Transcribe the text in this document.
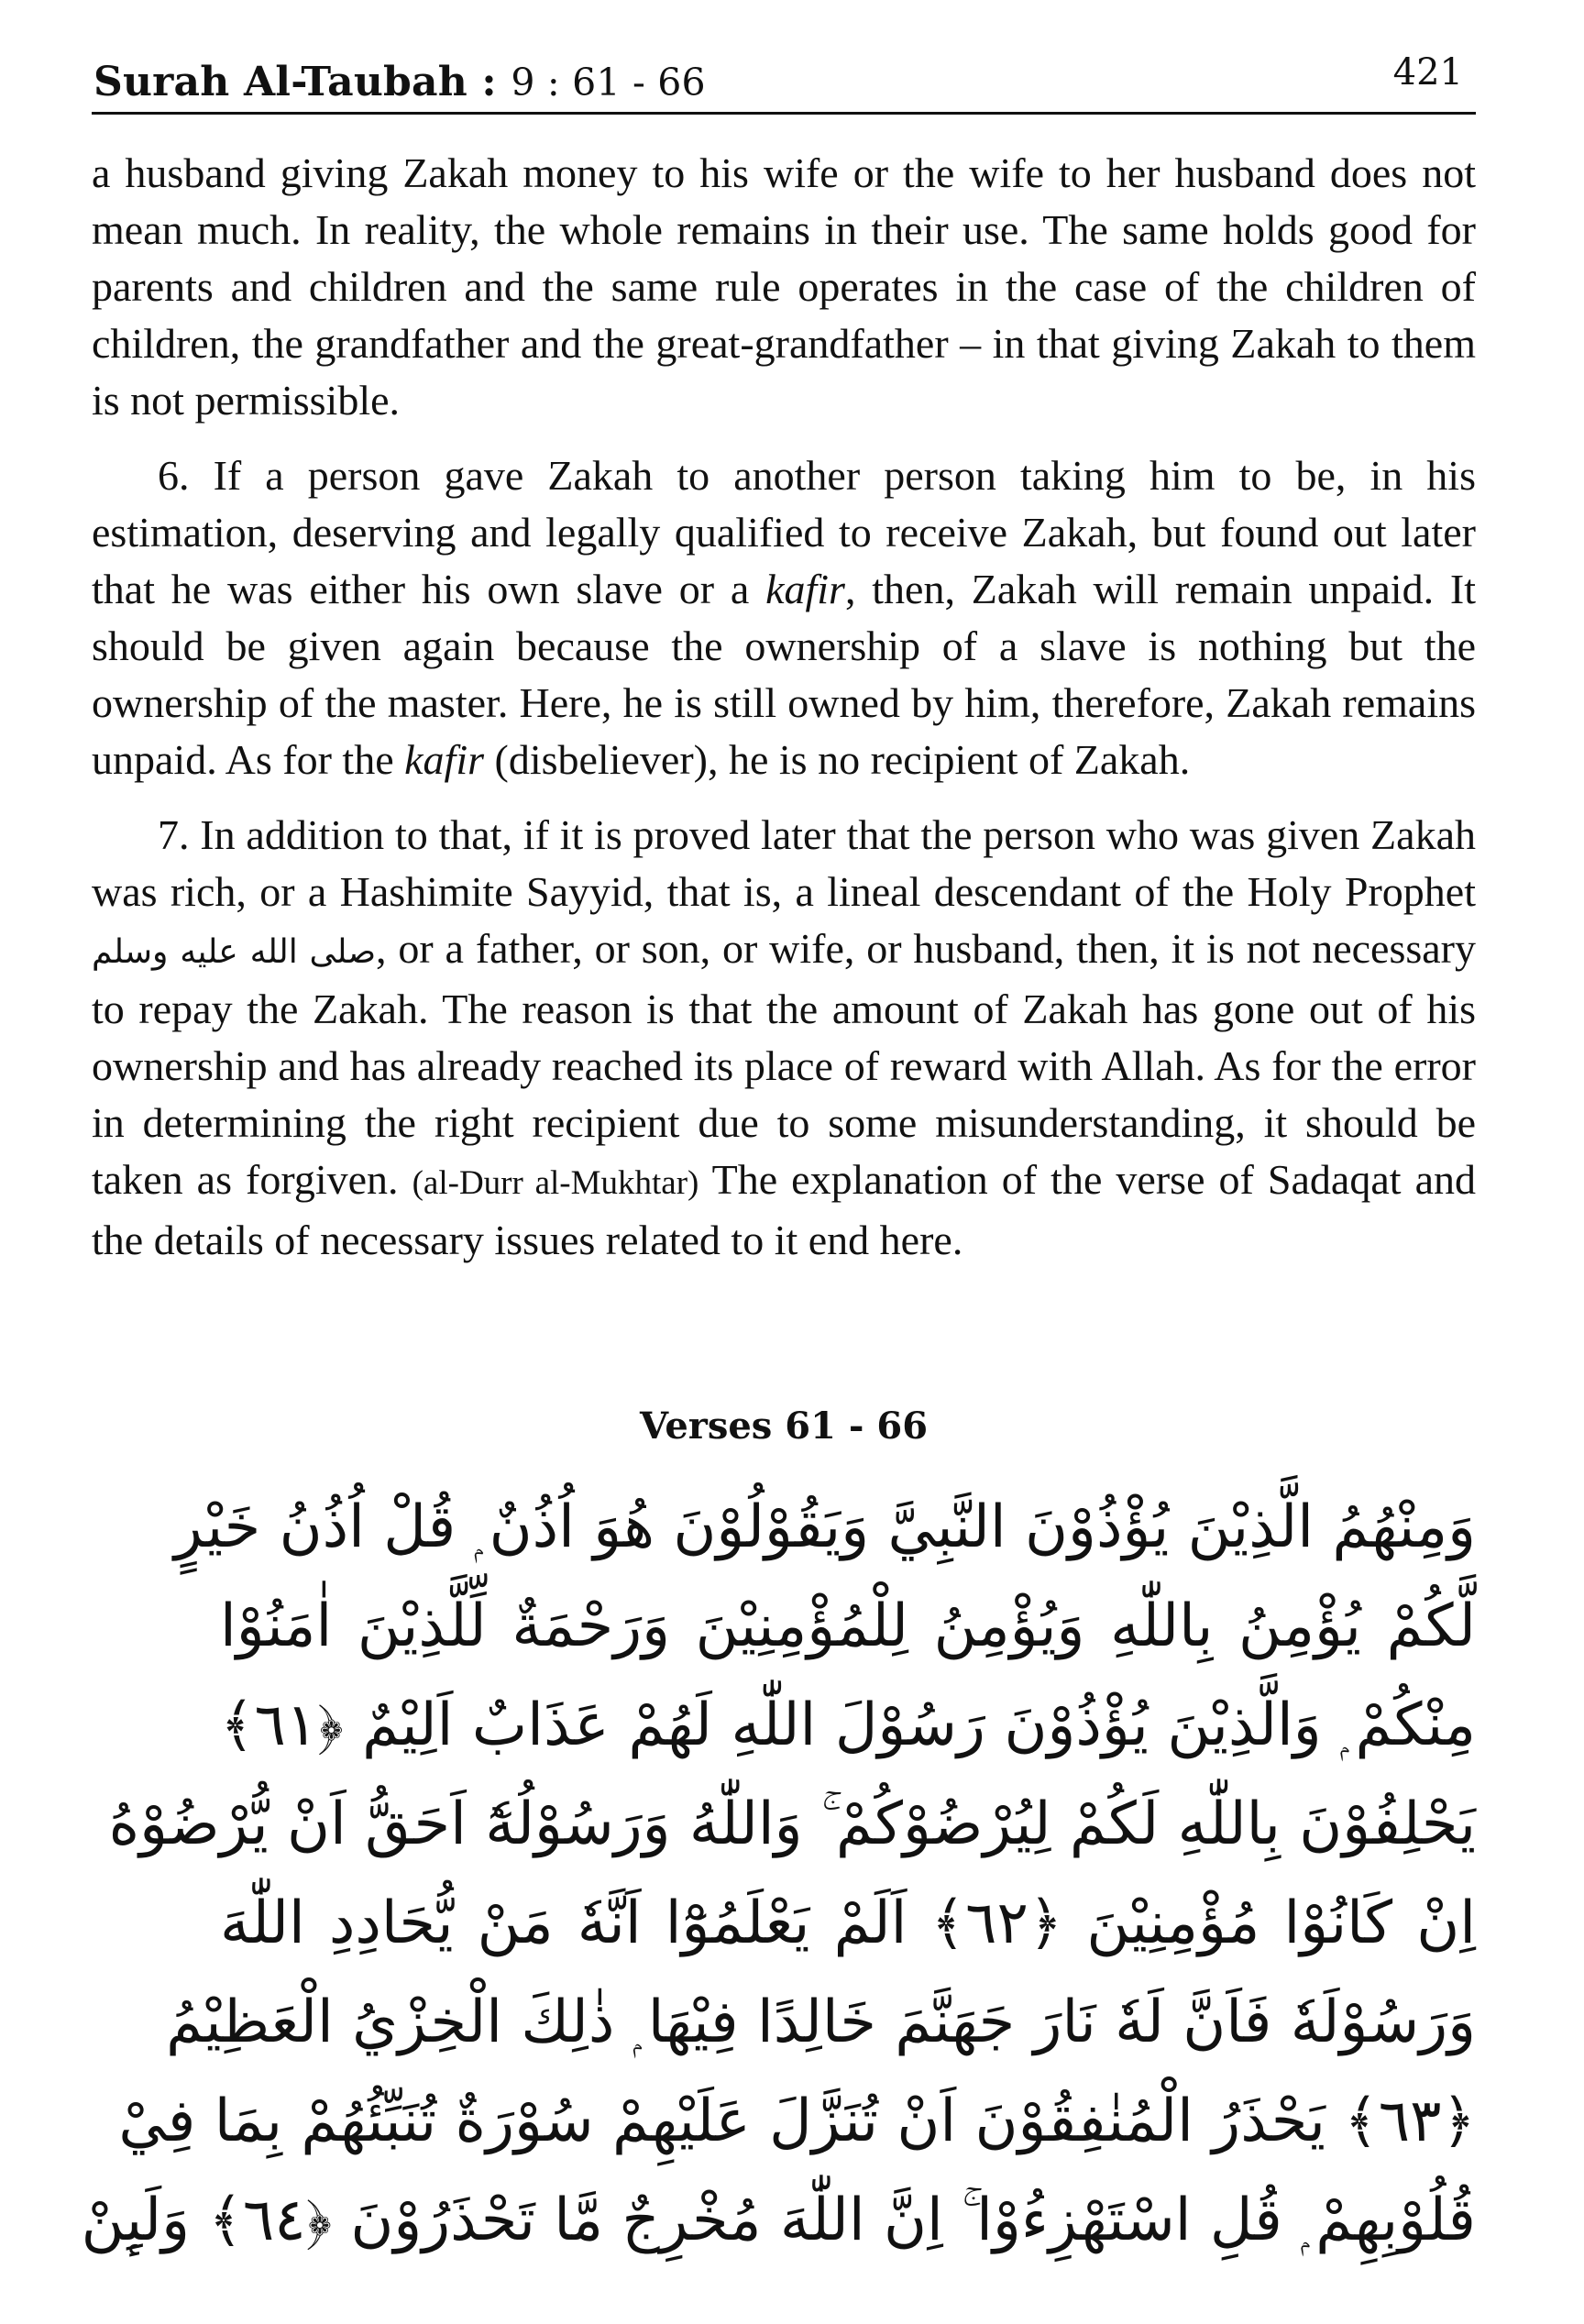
Surah Al-Taubah : 9 : 61 - 66	421

a husband giving Zakah money to his wife or the wife to her husband does not mean much. In reality, the whole remains in their use. The same holds good for parents and children and the same rule operates in the case of the children of children, the grandfather and the great-grandfather – in that giving Zakah to them is not permissible.

6. If a person gave Zakah to another person taking him to be, in his estimation, deserving and legally qualified to receive Zakah, but found out later that he was either his own slave or a kafir, then, Zakah will remain unpaid. It should be given again because the ownership of a slave is nothing but the ownership of the master. Here, he is still owned by him, therefore, Zakah remains unpaid. As for the kafir (disbeliever), he is no recipient of Zakah.

7. In addition to that, if it is proved later that the person who was given Zakah was rich, or a Hashimite Sayyid, that is, a lineal descendant of the Holy Prophet صلى الله عليه وسلم, or a father, or son, or wife, or husband, then, it is not necessary to repay the Zakah. The reason is that the amount of Zakah has gone out of his ownership and has already reached its place of reward with Allah. As for the error in determining the right recipient due to some misunderstanding, it should be taken as forgiven. (al-Durr al-Mukhtar) The explanation of the verse of Sadaqat and the details of necessary issues related to it end here.

Verses 61 - 66
وَمِنْهُمُ الَّذِيْنَ يُؤْذُوْنَ النَّبِيَّ وَيَقُوْلُوْنَ هُوَ اُذُنٌ ۭ قُلْ اُذُنُ خَيْرٍ
لَّكُمْ يُؤْمِنُ بِاللّٰهِ وَيُؤْمِنُ لِلْمُؤْمِنِيْنَ وَرَحْمَةٌ لِّلَّذِيْنَ اٰمَنُوْا
مِنْكُمْ ۭ وَالَّذِيْنَ يُؤْذُوْنَ رَسُوْلَ اللّٰهِ لَهُمْ عَذَابٌ اَلِيْمٌ ﴿٦١﴾
يَحْلِفُوْنَ بِاللّٰهِ لَكُمْ لِيُرْضُوْكُمْ ۚ وَاللّٰهُ وَرَسُوْلُهٗٓ اَحَقُّ اَنْ يُّرْضُوْهُ
اِنْ كَانُوْا مُؤْمِنِيْنَ ﴿٦٢﴾ اَلَمْ يَعْلَمُوْٓا اَنَّهٗ مَنْ يُّحَادِدِ اللّٰهَ
وَرَسُوْلَهٗ فَاَنَّ لَهٗ نَارَ جَهَنَّمَ خَالِدًا فِيْهَا ۭ ذٰلِكَ الْخِزْيُ الْعَظِيْمُ
﴿٦٣﴾ يَحْذَرُ الْمُنٰفِقُوْنَ اَنْ تُنَزَّلَ عَلَيْهِمْ سُوْرَةٌ تُنَبِّئُهُمْ بِمَا فِيْ
قُلُوْبِهِمْ ۭ قُلِ اسْتَهْزِءُوْا ۚ اِنَّ اللّٰهَ مُخْرِجٌ مَّا تَحْذَرُوْنَ ﴿٦٤﴾ وَلَىِٕنْ
